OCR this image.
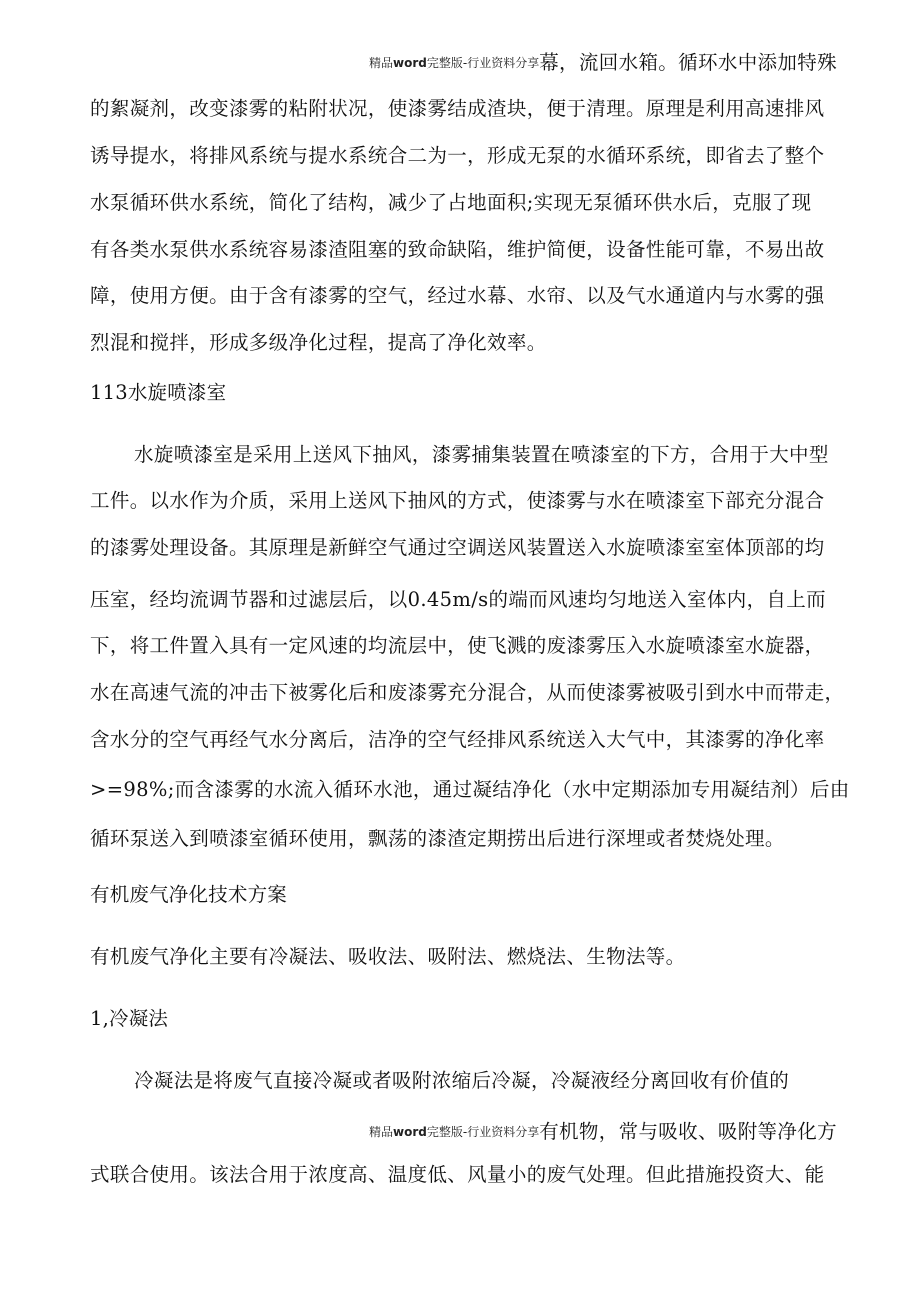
精品word完整版-行业资料分享幕，流回水箱。循环水中添加特殊
的絮凝剂，改变漆雾的粘附状况，使漆雾结成渣块，便于清理。原理是利用高速排风
诱导提水，将排风系统与提水系统合二为一，形成无泵的水循环系统，即省去了整个
水泵循环供水系统，简化了结构，减少了占地面积;实现无泵循环供水后，克服了现
有各类水泵供水系统容易漆渣阻塞的致命缺陷，维护简便，设备性能可靠，不易出故
障，使用方便。由于含有漆雾的空气，经过水幕、水帘、以及气水通道内与水雾的强
烈混和搅拌，形成多级净化过程，提高了净化效率。
113水旋喷漆室
水旋喷漆室是采用上送风下抽风，漆雾捕集装置在喷漆室的下方，合用于大中型
工件。以水作为介质，采用上送风下抽风的方式，使漆雾与水在喷漆室下部充分混合
的漆雾处理设备。其原理是新鲜空气通过空调送风装置送入水旋喷漆室室体顶部的均
压室，经均流调节器和过滤层后，以0.45m/s的端而风速均匀地送入室体内，自上而
下，将工件置入具有一定风速的均流层中，使飞溅的废漆雾压入水旋喷漆室水旋器，
水在高速气流的冲击下被雾化后和废漆雾充分混合，从而使漆雾被吸引到水中而带走，
含水分的空气再经气水分离后，洁净的空气经排风系统送入大气中，其漆雾的净化率
>=98%;而含漆雾的水流入循环水池，通过凝结净化（水中定期添加专用凝结剂）后由
循环泵送入到喷漆室循环使用，飘荡的漆渣定期捞出后进行深埋或者焚烧处理。
有机废气净化技术方案
有机废气净化主要有冷凝法、吸收法、吸附法、燃烧法、生物法等。
1,冷凝法
冷凝法是将废气直接冷凝或者吸附浓缩后冷凝，冷凝液经分离回收有价值的
精品word完整版-行业资料分享有机物，常与吸收、吸附等净化方
式联合使用。该法合用于浓度高、温度低、风量小的废气处理。但此措施投资大、能
